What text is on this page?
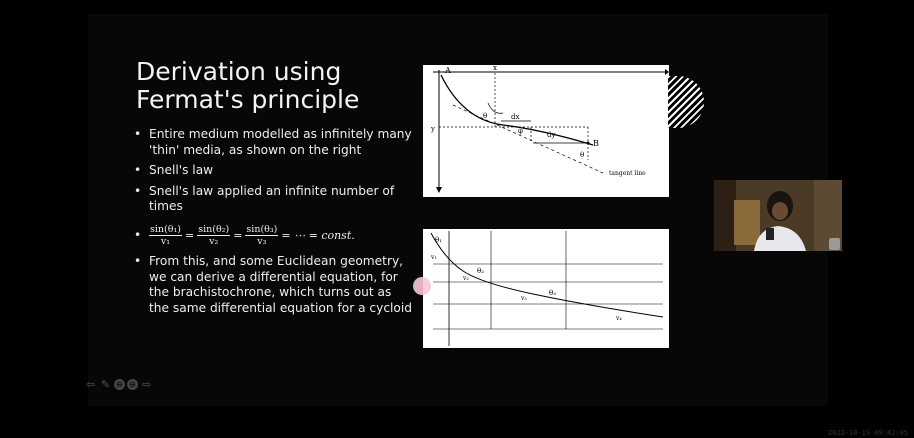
Derivation using
Fermat's principle
• Entire medium modelled as infinitely many 'thin' media, as shown on the right
• Snell's law
• Snell's law applied an infinite number of times
• $\frac{\text{sin(θ₁)}}{\text{v₁}} = \frac{\text{sin(θ₂)}}{\text{v₂}} = \frac{\text{sin(θ₃)}}{\text{v₃}}$ = ⋯ = const.
• From this, and some Euclidean geometry, we can derive a differential equation, for the brachistochrone, which turns out as the same differential equation for a cycloid
A	x
y
θ	dx
dy
φ
B
θ
tangent line
θ₁
v₁
v₂
θ₂
v₃
θ₃
v₄
⇦ ✎ ⊖ ⊖ ⇨
2022-10-19 09:42:05
